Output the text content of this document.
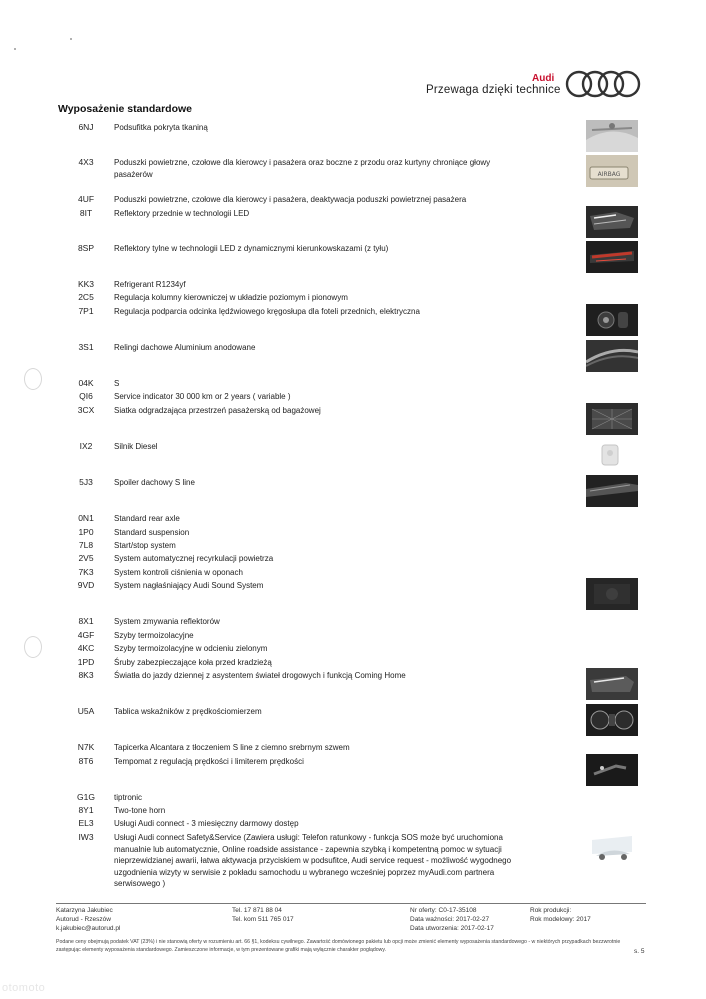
Audi
Przewaga dzięki technice
Wyposażenie standardowe
6NJ	Podsufitka pokryta tkaniną
4X3	Poduszki powietrzne, czołowe dla kierowcy i pasażera oraz boczne z przodu oraz kurtyny chroniące głowy pasażerów
4UF Poduszki powietrzne, czołowe dla kierowcy i pasażera, deaktywacja poduszki powietrznej pasażera
8IT	Reflektory przednie w technologii LED
8SP Reflektory tylne w technologii LED z dynamicznymi kierunkowskazami (z tyłu)
KK3 Refrigerant R1234yf
2C5	Regulacja kolumny kierowniczej w układzie poziomym i pionowym
7P1	Regulacja podparcia odcinka lędźwiowego kręgosłupa dla foteli przednich, elektryczna
3S1	Relingi dachowe Aluminium anodowane
04K	S
QI6	Service indicator 30 000 km or 2 years ( variable )
3CX Siatka odgradzająca przestrzeń pasażerską od bagażowej
IX2	Silnik Diesel
5J3	Spoiler dachowy S line
0N1	Standard rear axle
1P0	Standard suspension
7L8	Start/stop system
2V5	System automatycznej recyrkulacji powietrza
7K3	System kontroli ciśnienia w oponach
9VD System nagłaśniający Audi Sound System
8X1	System zmywania reflektorów
4GF Szyby termoizolacyjne
4KC Szyby termoizolacyjne w odcieniu zielonym
1PD Śruby zabezpieczające koła przed kradzieżą
8K3	Światła do jazdy dziennej z asystentem świateł drogowych i funkcją Coming Home
U5A Tablica wskaźników z prędkościomierzem
N7K Tapicerka Alcantara z tłoczeniem S line z ciemno srebrnym szwem
8T6	Tempomat z regulacją prędkości i limiterem prędkości
G1G tiptronic
8Y1	Two-tone horn
EL3	Usługi Audi connect - 3 miesięczny darmowy dostęp
IW3	Usługi Audi connect Safety&Service (Zawiera usługi: Telefon ratunkowy - funkcja SOS może być uruchomiona manualnie lub automatycznie, Online roadside assistance - zapewnia szybką i kompetentną pomoc w sytuacji nieprzewidzianej awarii, łatwa aktywacja przyciskiem w podsufitce, Audi service request - możliwość wygodnego uzgodnienia wizyty w serwisie z pokładu samochodu u wybranego wcześniej poprzez myAudi.com partnera serwisowego )
AIRBAG
Katarzyna Jakubiec
Autorud - Rzeszów
k.jakubiec@autorud.pl
Tel. 17 871 88 04
Tel. kom 511 765 017
Nr oferty: C0-17-35108
Data ważności: 2017-02-27
Data utworzenia: 2017-02-17
Rok produkcji:
Rok modelowy: 2017
Podane ceny obejmują podatek VAT (23%) i nie stanowią oferty w rozumieniu art. 66 §1, kodeksu cywilnego. Zawartość domówionego pakietu lub opcji może zmienić elementy wyposażenia standardowego - w niektórych przypadkach bezzwrotnie zastępując elementy wyposażenia standardowego. Zamieszczone informacje, w tym prezentowane grafiki mają wyłącznie charakter poglądowy.	s. 5
otomoto
